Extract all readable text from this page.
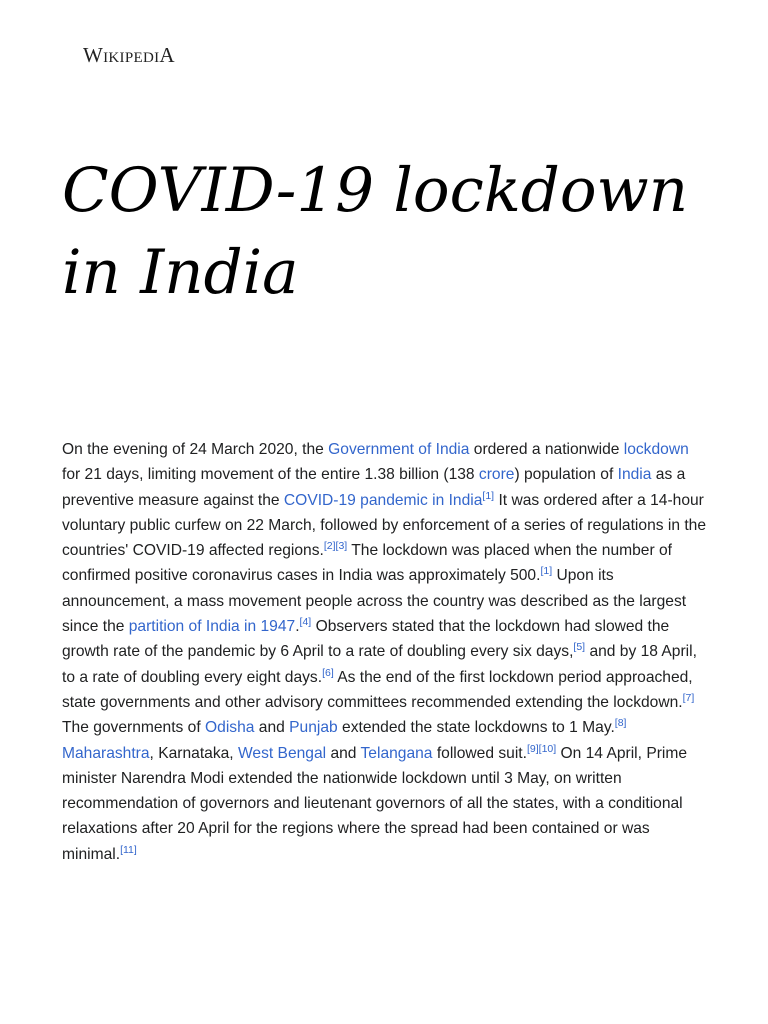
WIKIPEDIA
COVID-19 lockdown in India

On the evening of 24 March 2020, the Government of India ordered a nationwide lockdown for 21 days, limiting movement of the entire 1.38 billion (138 crore) population of India as a preventive measure against the COVID-19 pandemic in India[1] It was ordered after a 14-hour voluntary public curfew on 22 March, followed by enforcement of a series of regulations in the countries' COVID-19 affected regions.[2][3] The lockdown was placed when the number of confirmed positive coronavirus cases in India was approximately 500.[1] Upon its announcement, a mass movement people across the country was described as the largest since the partition of India in 1947.[4] Observers stated that the lockdown had slowed the growth rate of the pandemic by 6 April to a rate of doubling every six days,[5] and by 18 April, to a rate of doubling every eight days.[6] As the end of the first lockdown period approached, state governments and other advisory committees recommended extending the lockdown.[7] The governments of Odisha and Punjab extended the state lockdowns to 1 May.[8] Maharashtra, Karnataka, West Bengal and Telangana followed suit.[9][10] On 14 April, Prime minister Narendra Modi extended the nationwide lockdown until 3 May, on written recommendation of governors and lieutenant governors of all the states, with a conditional relaxations after 20 April for the regions where the spread had been contained or was minimal.[11]
